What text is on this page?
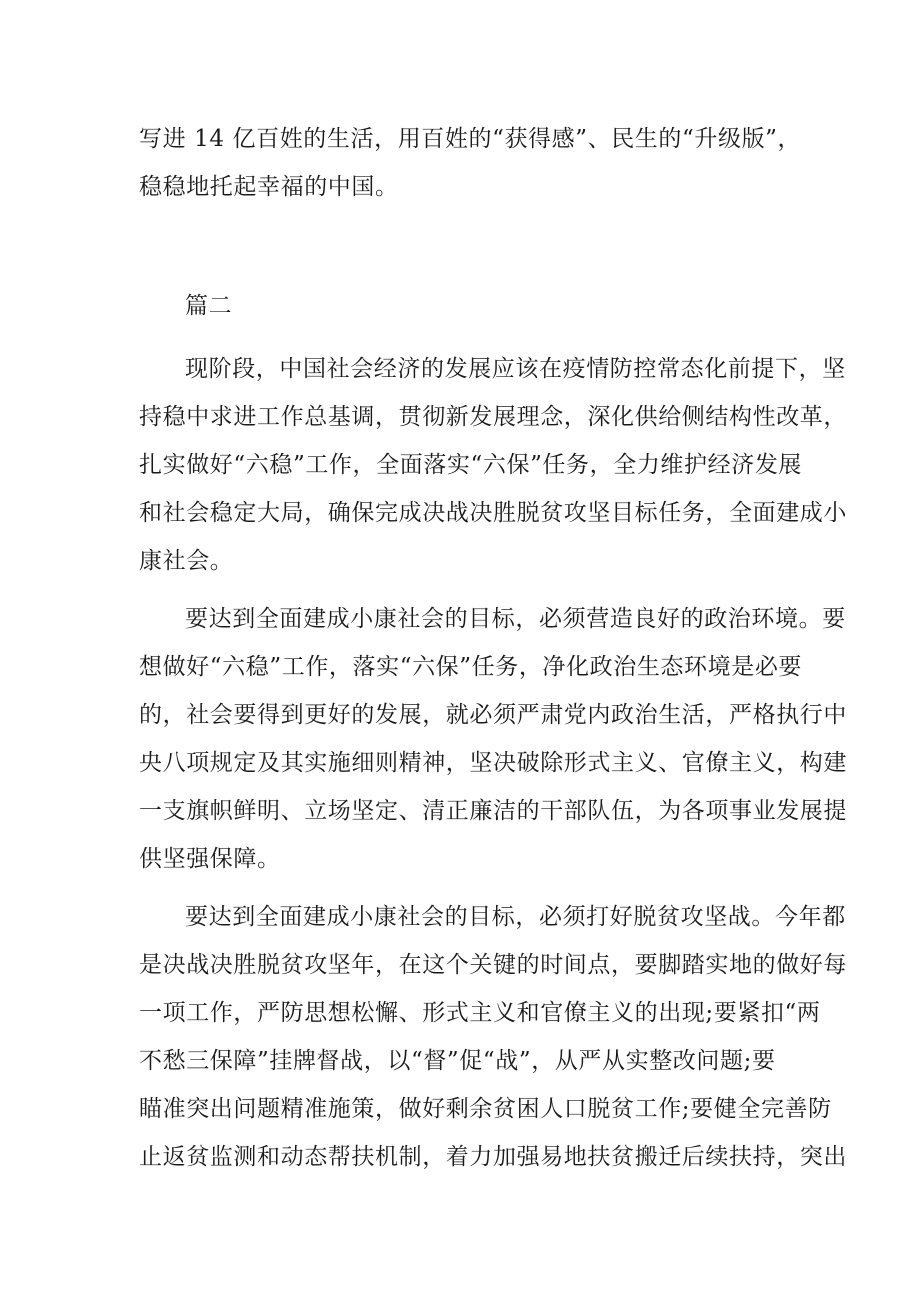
写进 14 亿百姓的生活，用百姓的“获得感”、民生的“升级版”，
稳稳地托起幸福的中国。
篇二
现阶段，中国社会经济的发展应该在疫情防控常态化前提下，坚
持稳中求进工作总基调，贯彻新发展理念，深化供给侧结构性改革，
扎实做好“六稳”工作，全面落实“六保”任务，全力维护经济发展
和社会稳定大局，确保完成决战决胜脱贫攻坚目标任务，全面建成小
康社会。
要达到全面建成小康社会的目标，必须营造良好的政治环境。要
想做好“六稳”工作，落实“六保”任务，净化政治生态环境是必要
的，社会要得到更好的发展，就必须严肃党内政治生活，严格执行中
央八项规定及其实施细则精神，坚决破除形式主义、官僚主义，构建
一支旗帜鲜明、立场坚定、清正廉洁的干部队伍，为各项事业发展提
供坚强保障。
要达到全面建成小康社会的目标，必须打好脱贫攻坚战。今年都
是决战决胜脱贫攻坚年，在这个关键的时间点，要脚踏实地的做好每
一项工作，严防思想松懈、形式主义和官僚主义的出现;要紧扣“两
不愁三保障”挂牌督战，以“督”促“战”，从严从实整改问题;要
瞄准突出问题精准施策，做好剩余贫困人口脱贫工作;要健全完善防
止返贫监测和动态帮扶机制，着力加强易地扶贫搬迁后续扶持，突出
